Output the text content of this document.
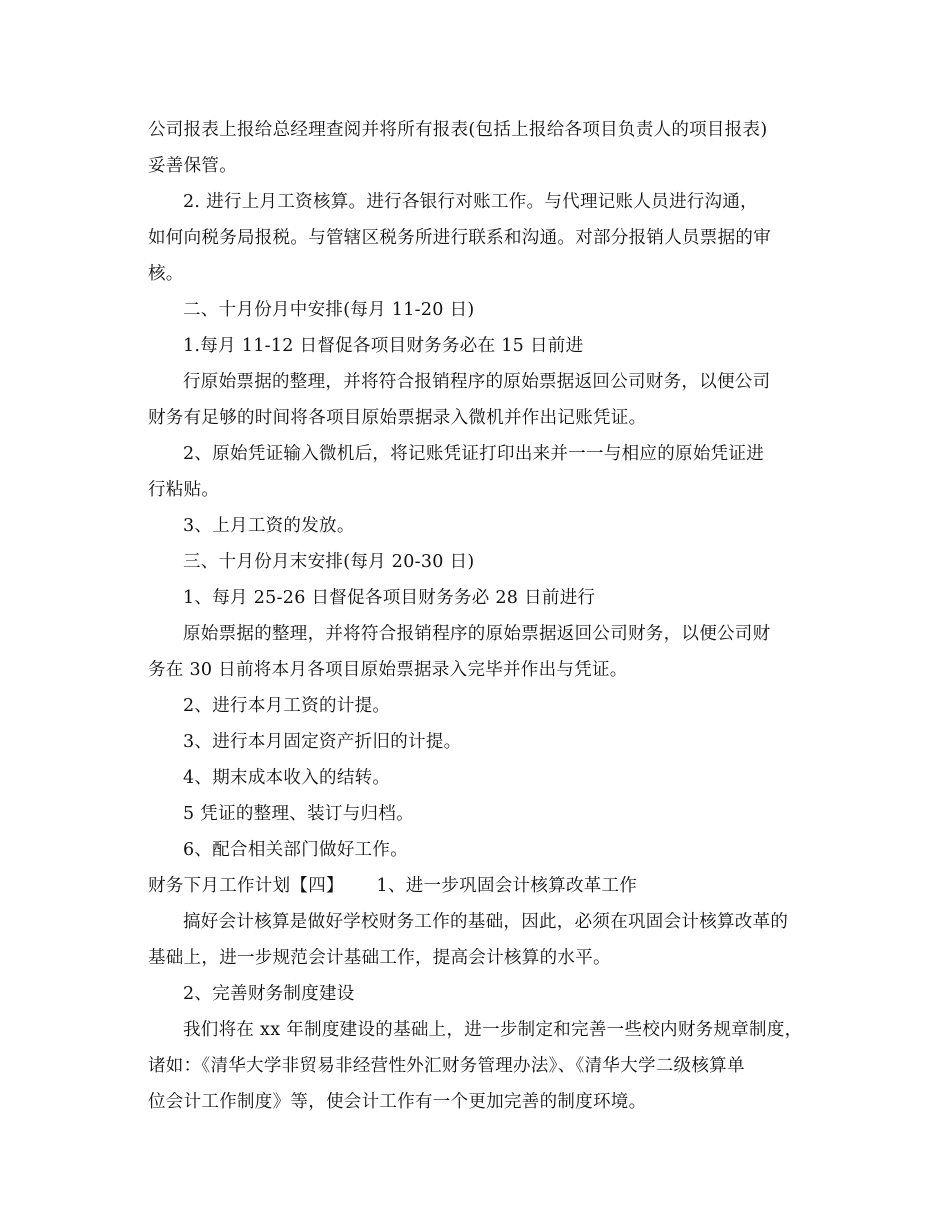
公司报表上报给总经理查阅并将所有报表(包括上报给各项目负责人的项目报表)
妥善保管。
2. 进行上月工资核算。进行各银行对账工作。与代理记账人员进行沟通，
如何向税务局报税。与管辖区税务所进行联系和沟通。对部分报销人员票据的审
核。
二、十月份月中安排(每月 11-20 日)
1.每月 11-12 日督促各项目财务务必在 15 日前进
行原始票据的整理，并将符合报销程序的原始票据返回公司财务，以便公司
财务有足够的时间将各项目原始票据录入微机并作出记账凭证。
2、原始凭证输入微机后，将记账凭证打印出来并一一与相应的原始凭证进
行粘贴。
3、上月工资的发放。
三、十月份月末安排(每月 20-30 日)
1、每月 25-26 日督促各项目财务务必 28 日前进行
原始票据的整理，并将符合报销程序的原始票据返回公司财务，以便公司财
务在 30 日前将本月各项目原始票据录入完毕并作出与凭证。
2、进行本月工资的计提。
3、进行本月固定资产折旧的计提。
4、期末成本收入的结转。
5 凭证的整理、装订与归档。
6、配合相关部门做好工作。
财务下月工作计划【四】　　 1、进一步巩固会计核算改革工作
搞好会计核算是做好学校财务工作的基础，因此，必须在巩固会计核算改革的
基础上，进一步规范会计基础工作，提高会计核算的水平。
2、完善财务制度建设
我们将在 xx 年制度建设的基础上，进一步制定和完善一些校内财务规章制度，
诸如：《清华大学非贸易非经营性外汇财务管理办法》、《清华大学二级核算单
位会计工作制度》等，使会计工作有一个更加完善的制度环境。
